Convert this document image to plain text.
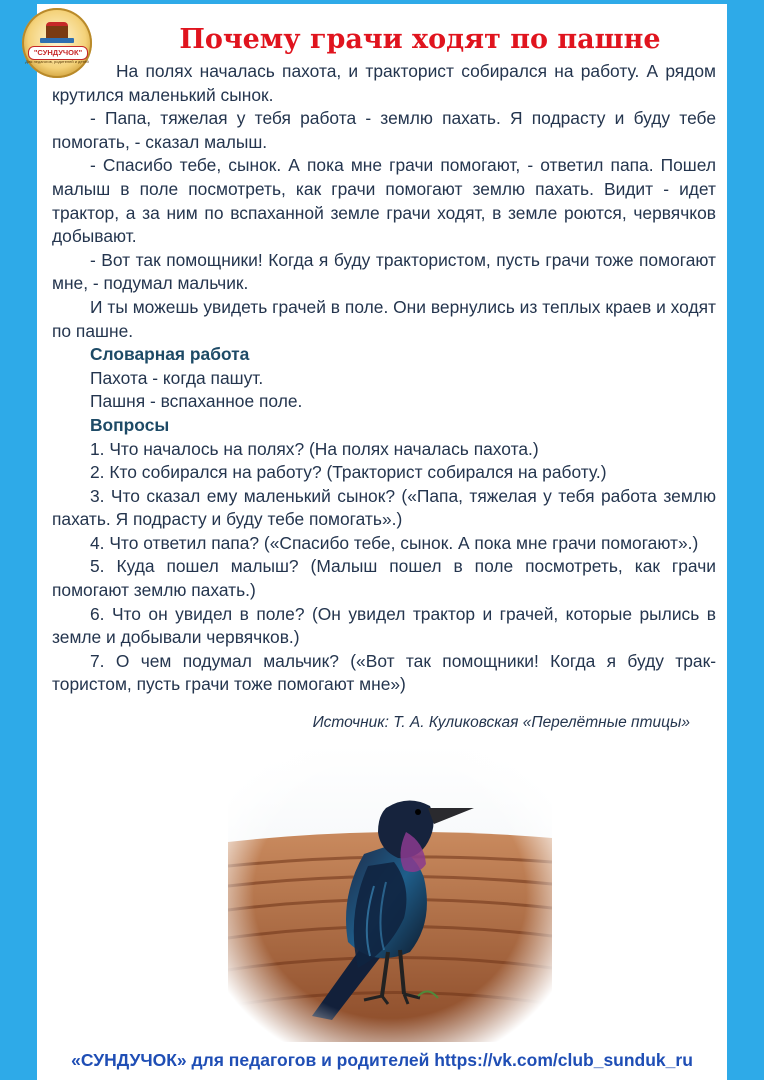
"СУНДУЧОК"
Для педагогов, родителей и детей
Почему грачи ходят по пашне

На полях началась пахота, и тракторист собирался на работу. А рядом крутился маленький сынок.

- Папа, тяжелая у тебя работа - землю пахать. Я подрасту и буду тебе помогать, - сказал малыш.

- Спасибо тебе, сынок. А пока мне грачи помогают, - ответил папа. Пошел малыш в поле посмотреть, как грачи помогают землю пахать. Видит - идет трактор, а за ним по вспаханной земле грачи ходят, в земле роются, червячков добывают.

- Вот так помощники! Когда я буду трактористом, пусть грачи тоже помогают мне, - подумал мальчик.

И ты можешь увидеть грачей в поле. Они вернулись из теплых краев и ходят по пашне.

Словарная работа

Пахота - когда пашут.

Пашня - вспаханное поле.

Вопросы

1. Что началось на полях? (На полях началась пахота.)

2. Кто собирался на работу? (Тракторист собирался на работу.)

3. Что сказал ему маленький сынок? («Папа, тяжелая у тебя работа землю пахать. Я подрасту и буду тебе помогать».)

4. Что ответил папа? («Спасибо тебе, сынок. А пока мне грачи помогают».)

5. Куда пошел малыш? (Малыш пошел в поле посмотреть, как грачи помогают землю пахать.)

6. Что он увидел в поле? (Он увидел трактор и грачей, которые рылись в земле и добывали червячков.)

7. О чем подумал мальчик? («Вот так помощники! Когда я буду трактористом, пусть грачи тоже помогают мне»)

Источник: Т. А. Куликовская «Перелётные птицы»
«СУНДУЧОК» для педагогов и родителей https://vk.com/club_sunduk_ru
